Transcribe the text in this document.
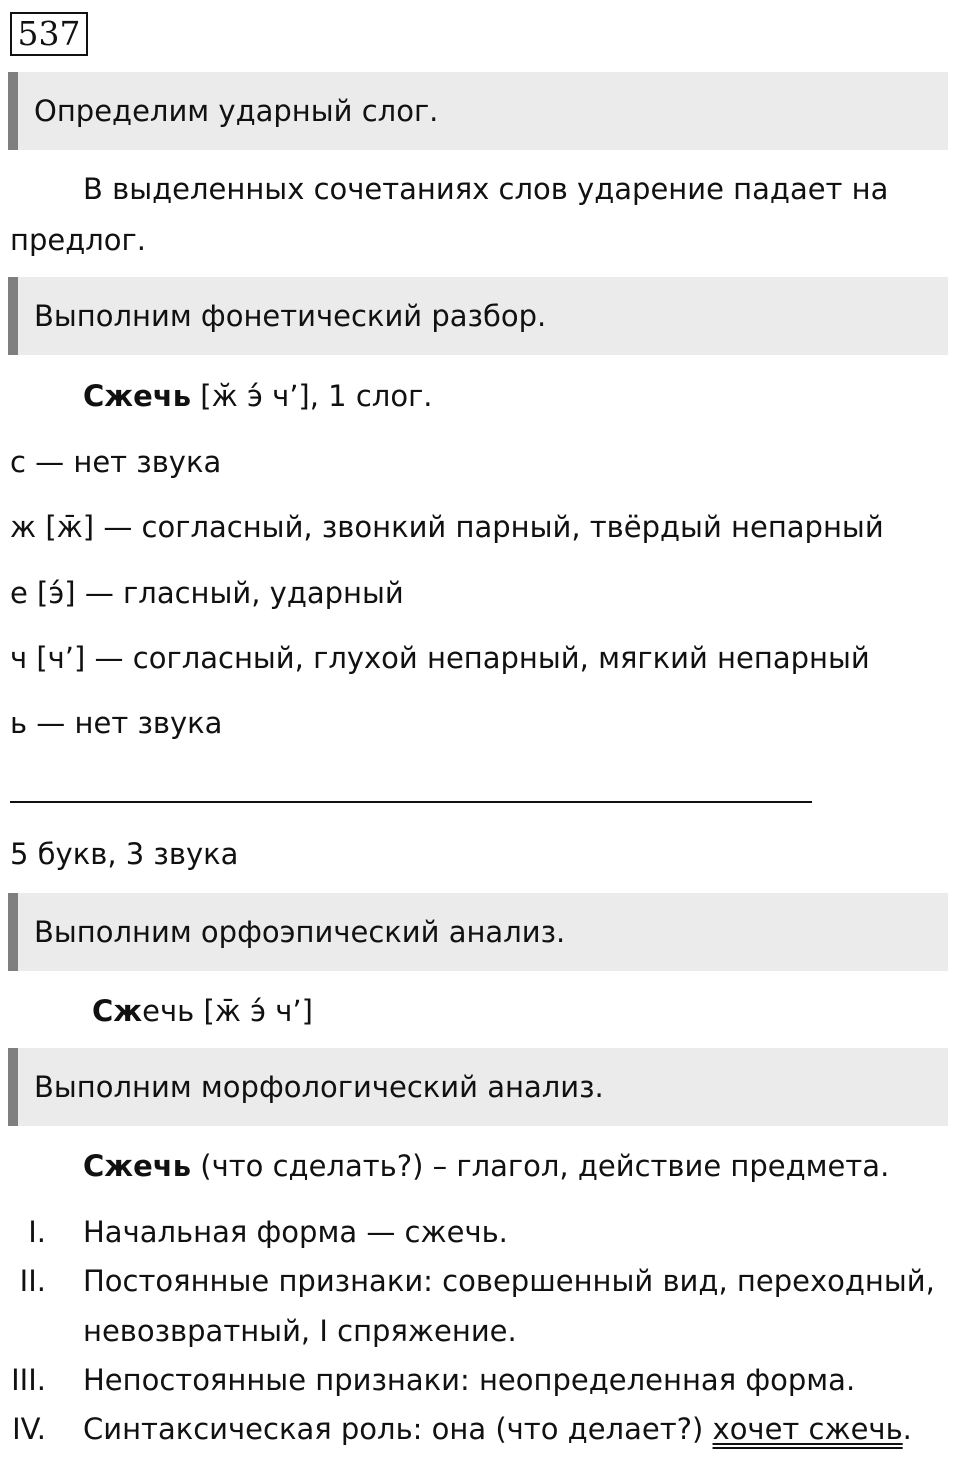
537
Определим ударный слог.
В выделенных сочетаниях слов ударение падает на
предлог.
Выполним фонетический разбор.
Сжечь [ӂ э́ ч’], 1 слог.
с — нет звука
ж [ж̄] — согласный, звонкий парный, твёрдый непарный
е [э́] — гласный, ударный
ч [ч’] — согласный, глухой непарный, мягкий непарный
ь — нет звука
5 букв, 3 звука
Выполним орфоэпический анализ.
Сжечь [ж̄ э́ ч’]
Выполним морфологический анализ.
Сжечь (что сделать?) – глагол, действие предмета.
I. Начальная форма — сжечь.
II. Постоянные признаки: совершенный вид, переходный,
невозвратный, I спряжение.
III. Непостоянные признаки: неопределенная форма.
IV. Синтаксическая роль: она (что делает?) хочет сжечь.
